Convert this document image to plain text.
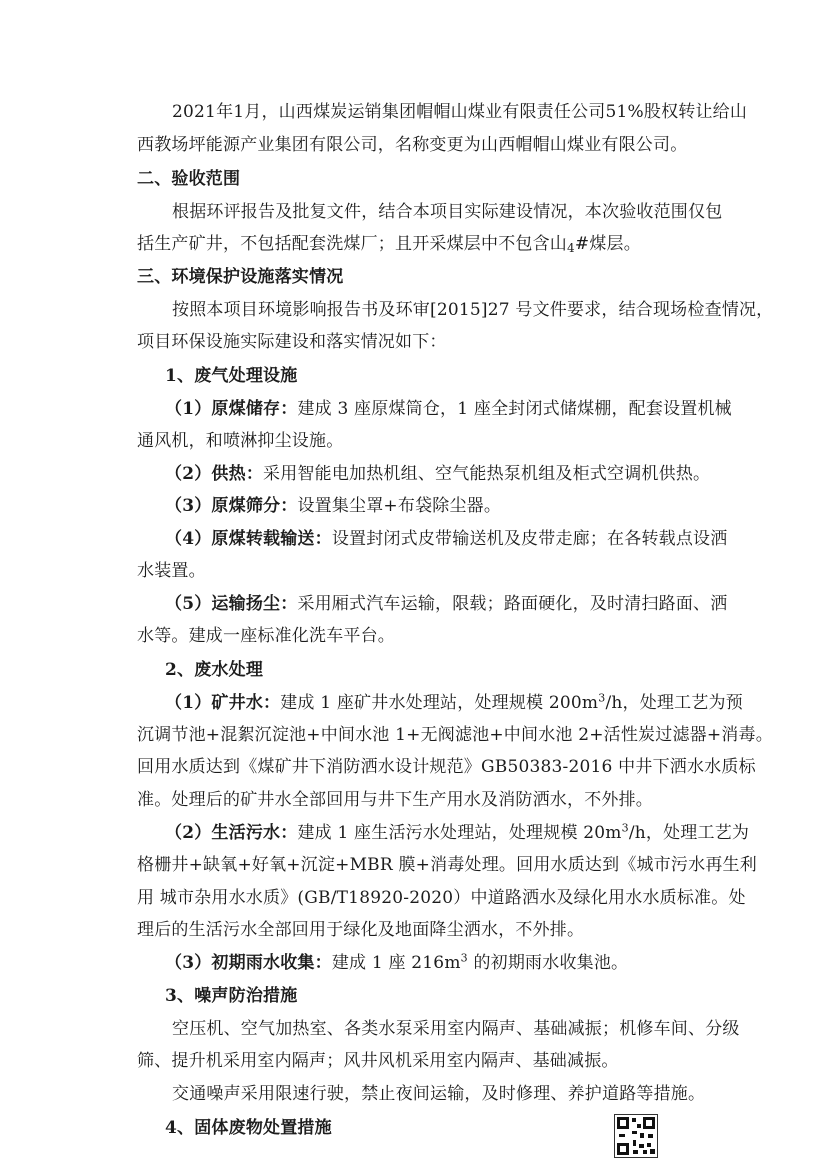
2021年1月，山西煤炭运销集团帽帽山煤业有限责任公司51%股权转让给山
西教场坪能源产业集团有限公司，名称变更为山西帽帽山煤业有限公司。
二、验收范围
根据环评报告及批复文件，结合本项目实际建设情况，本次验收范围仅包
括生产矿井，不包括配套洗煤厂；且开采煤层中不包含山4#煤层。
三、环境保护设施落实情况
按照本项目环境影响报告书及环审[2015]27 号文件要求，结合现场检查情况，
项目环保设施实际建设和落实情况如下：
1、废气处理设施
（1）原煤储存：建成 3 座原煤筒仓，1 座全封闭式储煤棚，配套设置机械
通风机，和喷淋抑尘设施。
（2）供热：采用智能电加热机组、空气能热泵机组及柜式空调机供热。
（3）原煤筛分：设置集尘罩+布袋除尘器。
（4）原煤转载输送：设置封闭式皮带输送机及皮带走廊；在各转载点设洒
水装置。
（5）运输扬尘：采用厢式汽车运输，限载；路面硬化，及时清扫路面、洒
水等。建成一座标准化洗车平台。
2、废水处理
（1）矿井水：建成 1 座矿井水处理站，处理规模 $200m^3/h$，处理工艺为预
沉调节池+混絮沉淀池+中间水池 1+无阀滤池+中间水池 2+活性炭过滤器+消毒。
回用水质达到《煤矿井下消防洒水设计规范》GB50383-2016 中井下洒水水质标
准。处理后的矿井水全部回用与井下生产用水及消防洒水，不外排。
（2）生活污水：建成 1 座生活污水处理站，处理规模 $20m^3/h$，处理工艺为
格栅井+缺氧+好氧+沉淀+MBR 膜+消毒处理。回用水质达到《城市污水再生利
用 城市杂用水水质》(GB/T18920-2020）中道路洒水及绿化用水水质标准。处
理后的生活污水全部回用于绿化及地面降尘洒水，不外排。
（3）初期雨水收集：建成 1 座 $216m^3$ 的初期雨水收集池。
3、噪声防治措施
空压机、空气加热室、各类水泵采用室内隔声、基础减振；机修车间、分级
筛、提升机采用室内隔声；风井风机采用室内隔声、基础减振。
交通噪声采用限速行驶，禁止夜间运输，及时修理、养护道路等措施。
4、固体废物处置措施
